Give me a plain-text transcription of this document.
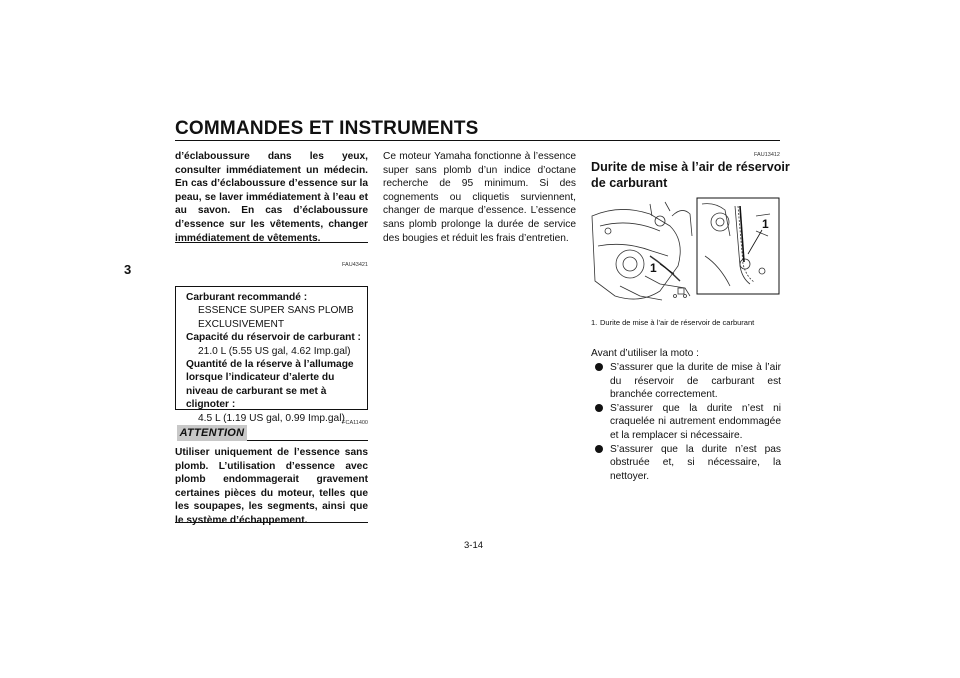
COMMANDES ET INSTRUMENTS
3
d’éclaboussure dans les yeux, consulter immédiatement un médecin. En cas d’éclaboussure d’essence sur la peau, se laver immédiatement à l’eau et au savon. En cas d’éclaboussure d’essence sur les vêtements, changer immédiatement de vêtements.
FAU43421
Carburant recommandé :
ESSENCE SUPER SANS PLOMB
EXCLUSIVEMENT
Capacité du réservoir de carburant :
21.0 L (5.55 US gal, 4.62 Imp.gal)
Quantité de la réserve à l’allumage lorsque l’indicateur d’alerte du niveau de carburant se met à clignoter :
4.5 L (1.19 US gal, 0.99 Imp.gal)
FCA11400
ATTENTION
Utiliser uniquement de l’essence sans plomb. L’utilisation d’essence avec plomb endommagerait gravement certaines pièces du moteur, telles que les soupapes, les segments, ainsi que le système d’échappement.
Ce moteur Yamaha fonctionne à l’essence super sans plomb d’un indice d’octane recherche de 95 minimum. Si des cognements ou cliquetis surviennent, changer de marque d’essence. L’essence sans plomb prolonge la durée de service des bougies et réduit les frais d’entretien.
FAU13412
Durite de mise à l’air de réservoir de carburant
1
1
1. Durite de mise à l’air de réservoir de carburant
Avant d’utiliser la moto :
S’assurer que la durite de mise à l’air du réservoir de carburant est branchée correctement.
S’assurer que la durite n’est ni craquelée ni autrement endommagée et la remplacer si nécessaire.
S’assurer que la durite n’est pas obstruée et, si nécessaire, la nettoyer.
3-14
